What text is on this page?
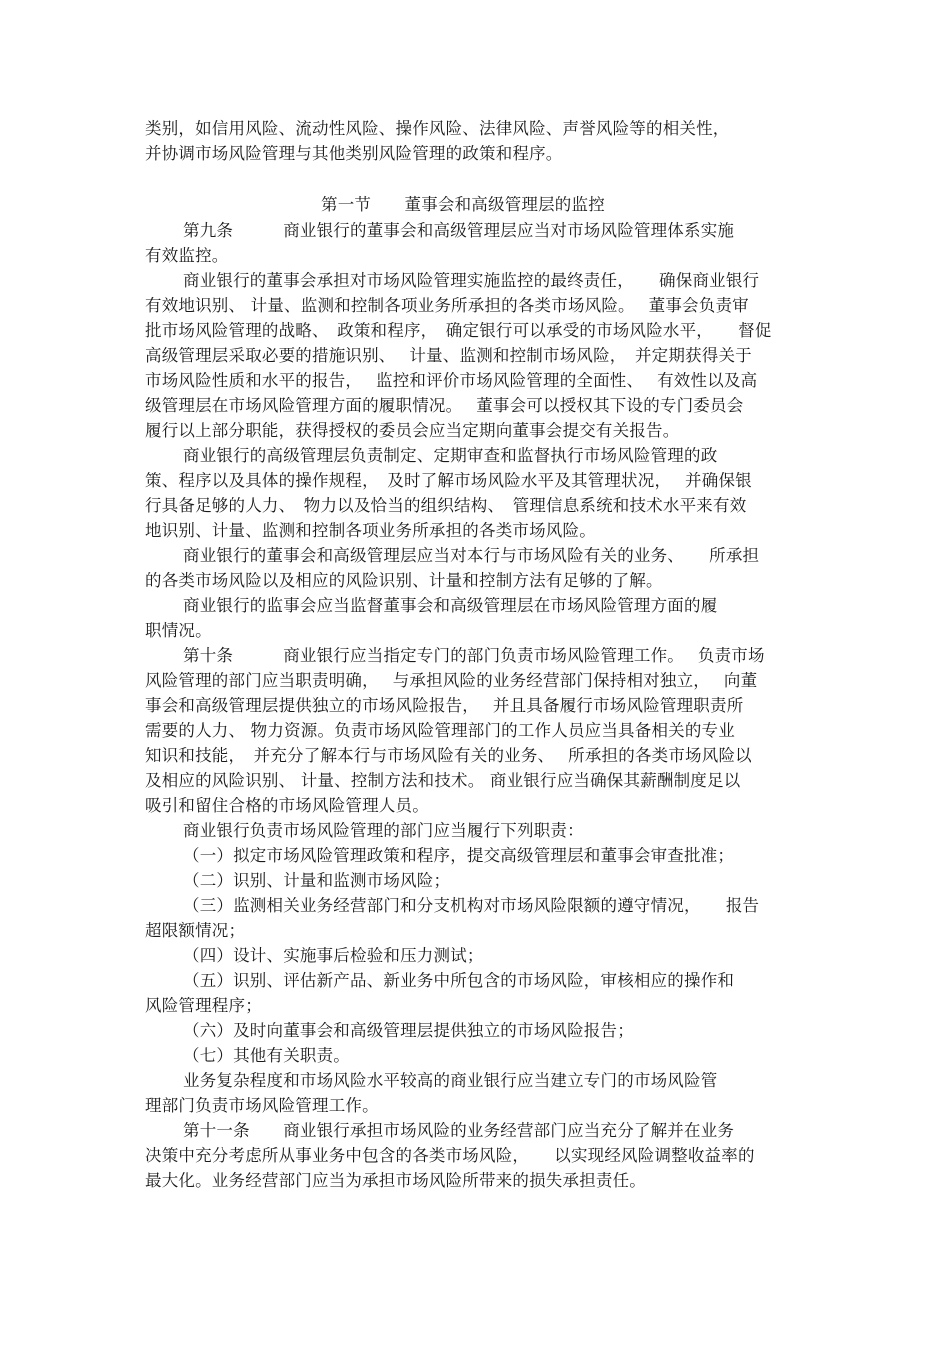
类别，如信用风险、流动性风险、操作风险、法律风险、声誉风险等的相关性，
并协调市场风险管理与其他类别风险管理的政策和程序。
第一节　　董事会和高级管理层的监控
第九条　　　商业银行的董事会和高级管理层应当对市场风险管理体系实施
有效监控。
商业银行的董事会承担对市场风险管理实施监控的最终责任，　　确保商业银行
有效地识别、 计量、监测和控制各项业务所承担的各类市场风险。　 董事会负责审
批市场风险管理的战略、　政策和程序，　确定银行可以承受的市场风险水平，　　督促
高级管理层采取必要的措施识别、　 计量、监测和控制市场风险，　并定期获得关于
市场风险性质和水平的报告，　 监控和评价市场风险管理的全面性、　 有效性以及高
级管理层在市场风险管理方面的履职情况。　 董事会可以授权其下设的专门委员会
履行以上部分职能，获得授权的委员会应当定期向董事会提交有关报告。
商业银行的高级管理层负责制定、定期审查和监督执行市场风险管理的政
策、程序以及具体的操作规程，　及时了解市场风险水平及其管理状况，　 并确保银
行具备足够的人力、　物力以及恰当的组织结构、　管理信息系统和技术水平来有效
地识别、计量、监测和控制各项业务所承担的各类市场风险。
商业银行的董事会和高级管理层应当对本行与市场风险有关的业务、　　所承担
的各类市场风险以及相应的风险识别、计量和控制方法有足够的了解。
商业银行的监事会应当监督董事会和高级管理层在市场风险管理方面的履
职情况。
第十条　　　商业银行应当指定专门的部门负责市场风险管理工作。　 负责市场
风险管理的部门应当职责明确，　 与承担风险的业务经营部门保持相对独立，　 向董
事会和高级管理层提供独立的市场风险报告，　 并且具备履行市场风险管理职责所
需要的人力、 物力资源。负责市场风险管理部门的工作人员应当具备相关的专业
知识和技能，　并充分了解本行与市场风险有关的业务、　 所承担的各类市场风险以
及相应的风险识别、 计量、控制方法和技术。 商业银行应当确保其薪酬制度足以
吸引和留住合格的市场风险管理人员。
商业银行负责市场风险管理的部门应当履行下列职责：
（一）拟定市场风险管理政策和程序，提交高级管理层和董事会审查批准；
（二）识别、计量和监测市场风险；
（三）监测相关业务经营部门和分支机构对市场风险限额的遵守情况，　　报告
超限额情况；
（四）设计、实施事后检验和压力测试；
（五）识别、评估新产品、新业务中所包含的市场风险，审核相应的操作和
风险管理程序；
（六）及时向董事会和高级管理层提供独立的市场风险报告；
（七）其他有关职责。
业务复杂程度和市场风险水平较高的商业银行应当建立专门的市场风险管
理部门负责市场风险管理工作。
第十一条　　商业银行承担市场风险的业务经营部门应当充分了解并在业务
决策中充分考虑所从事业务中包含的各类市场风险，　　以实现经风险调整收益率的
最大化。业务经营部门应当为承担市场风险所带来的损失承担责任。
